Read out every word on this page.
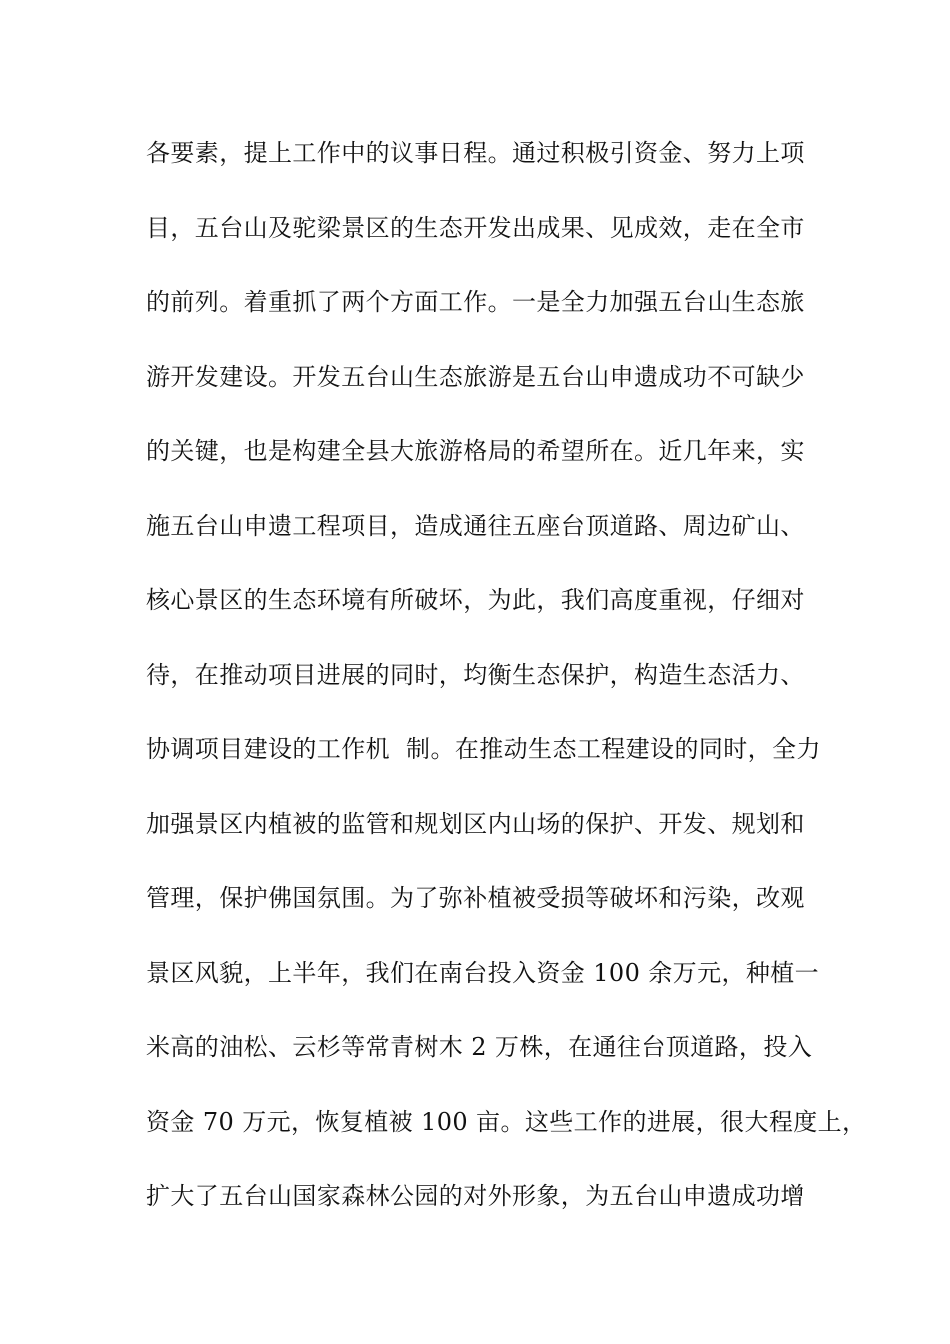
各要素，提上工作中的议事日程。通过积极引资金、努力上项
目，五台山及驼梁景区的生态开发出成果、见成效，走在全市
的前列。着重抓了两个方面工作。一是全力加强五台山生态旅
游开发建设。开发五台山生态旅游是五台山申遗成功不可缺少
的关键，也是构建全县大旅游格局的希望所在。近几年来，实
施五台山申遗工程项目，造成通往五座台顶道路、周边矿山、
核心景区的生态环境有所破坏，为此，我们高度重视，仔细对
待，在推动项目进展的同时，均衡生态保护，构造生态活力、
协调项目建设的工作机  制。在推动生态工程建设的同时，全力
加强景区内植被的监管和规划区内山场的保护、开发、规划和
管理，保护佛国氛围。为了弥补植被受损等破坏和污染，改观
景区风貌，上半年，我们在南台投入资金 100 余万元，种植一
米高的油松、云杉等常青树木 2 万株，在通往台顶道路，投入
资金 70 万元，恢复植被 100 亩。这些工作的进展，很大程度上，
扩大了五台山国家森林公园的对外形象，为五台山申遗成功增
